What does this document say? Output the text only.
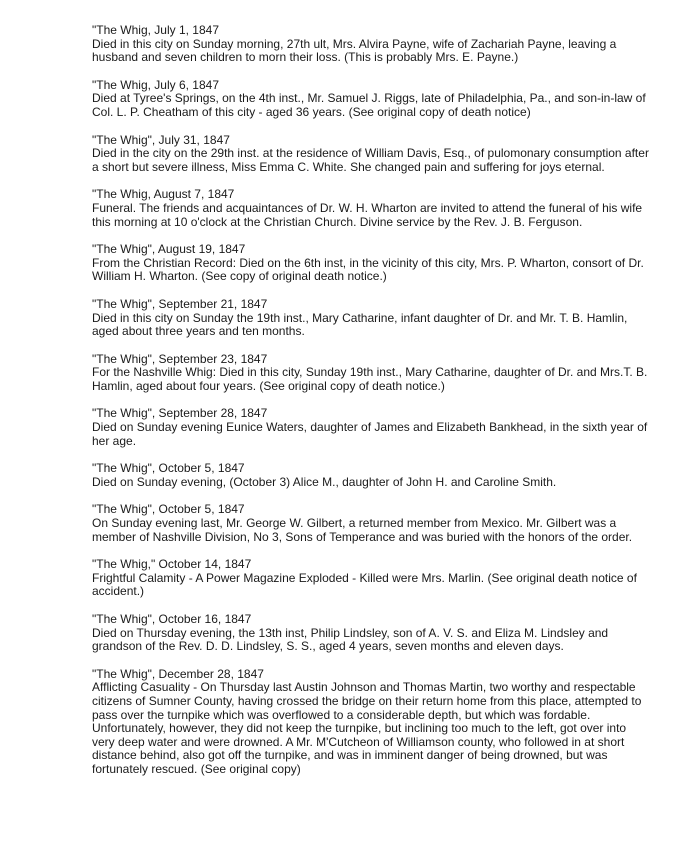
"The Whig, July 1, 1847
Died in this city on Sunday morning, 27th ult, Mrs. Alvira Payne, wife of Zachariah Payne, leaving a husband and seven children to morn their loss. (This is probably Mrs. E. Payne.)
"The Whig, July 6, 1847
Died at Tyree's Springs, on the 4th inst., Mr. Samuel J. Riggs, late of Philadelphia, Pa., and son-in-law of Col. L. P. Cheatham of this city - aged 36 years. (See original copy of death notice)
"The Whig", July 31, 1847
Died in the city on the 29th inst. at the residence of William Davis, Esq., of pulomonary consumption after a short but severe illness, Miss Emma C. White. She changed pain and suffering for joys eternal.
"The Whig, August 7, 1847
Funeral. The friends and acquaintances of Dr. W. H. Wharton are invited to attend the funeral of his wife this morning at 10 o'clock at the Christian Church. Divine service by the Rev. J. B. Ferguson.
"The Whig", August 19, 1847
From the Christian Record: Died on the 6th inst, in the vicinity of this city, Mrs. P. Wharton, consort of Dr. William H. Wharton. (See copy of original death notice.)
"The Whig", September 21, 1847
Died in this city on Sunday the 19th inst., Mary Catharine, infant daughter of Dr. and Mr. T. B. Hamlin, aged about three years and ten months.
"The Whig", September 23, 1847
For the Nashville Whig: Died in this city, Sunday 19th inst., Mary Catharine, daughter of Dr. and Mrs.T. B. Hamlin, aged about four years. (See original copy of death notice.)
"The Whig", September 28, 1847
Died on Sunday evening Eunice Waters, daughter of James and Elizabeth Bankhead, in the sixth year of her age.
"The Whig", October 5, 1847
Died on Sunday evening, (October 3) Alice M., daughter of John H. and Caroline Smith.
"The Whig", October 5, 1847
On Sunday evening last, Mr. George W. Gilbert, a returned member from Mexico. Mr. Gilbert was a member of Nashville Division, No 3, Sons of Temperance and was buried with the honors of the order.
"The Whig," October 14, 1847
Frightful Calamity - A Power Magazine Exploded - Killed were Mrs. Marlin. (See original death notice of accident.)
"The Whig", October 16, 1847
Died on Thursday evening, the 13th inst, Philip Lindsley, son of A. V. S. and Eliza M. Lindsley and grandson of the Rev. D. D. Lindsley, S. S., aged 4 years, seven months and eleven days.
"The Whig", December 28, 1847
Afflicting Casuality - On Thursday last Austin Johnson and Thomas Martin, two worthy and respectable citizens of Sumner County, having crossed the bridge on their return home from this place, attempted to pass over the turnpike which was overflowed to a considerable depth, but which was fordable. Unfortunately, however, they did not keep the turnpike, but inclining too much to the left, got over into very deep water and were drowned. A Mr. M'Cutcheon of Williamson county, who followed in at short distance behind, also got off the turnpike, and was in imminent danger of being drowned, but was fortunately rescued. (See original copy)
